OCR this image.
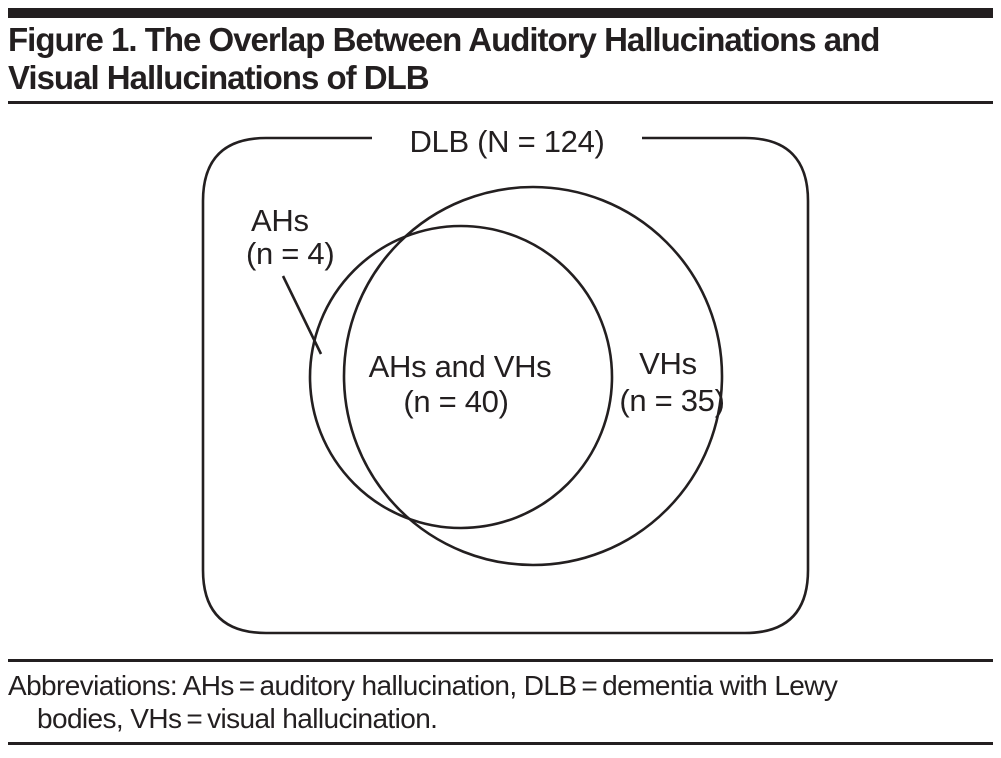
Figure 1. The Overlap Between Auditory Hallucinations and
Visual Hallucinations of DLB
DLB (N = 124)
AHs
(n = 4)
AHs and VHs
(n = 40)
VHs
(n = 35)
Abbreviations: AHs = auditory hallucination, DLB = dementia with Lewy
bodies, VHs = visual hallucination.
